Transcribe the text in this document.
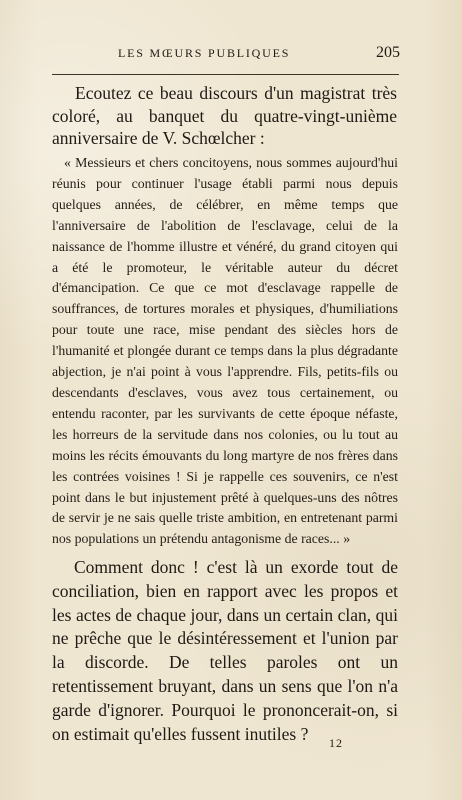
LES MŒURS PUBLIQUES	205

Ecoutez ce beau discours d'un magistrat très coloré, au banquet du quatre-vingt-unième anniversaire de V. Schœlcher :

« Messieurs et chers concitoyens, nous sommes aujourd'hui réunis pour continuer l'usage établi parmi nous depuis quelques années, de célébrer, en même temps que l'anniversaire de l'abolition de l'esclavage, celui de la naissance de l'homme illustre et vénéré, du grand citoyen qui a été le promoteur, le véritable auteur du décret d'émancipation. Ce que ce mot d'esclavage rappelle de souffrances, de tortures morales et physiques, d'humiliations pour toute une race, mise pendant des siècles hors de l'humanité et plongée durant ce temps dans la plus dégradante abjection, je n'ai point à vous l'apprendre. Fils, petits-fils ou descendants d'esclaves, vous avez tous certainement, ou entendu raconter, par les survivants de cette époque néfaste, les horreurs de la servitude dans nos colonies, ou lu tout au moins les récits émouvants du long martyre de nos frères dans les contrées voisines ! Si je rappelle ces souvenirs, ce n'est point dans le but injustement prêté à quelques-uns des nôtres de servir je ne sais quelle triste ambition, en entretenant parmi nos populations un prétendu antagonisme de races... »

Comment donc ! c'est là un exorde tout de conciliation, bien en rapport avec les propos et les actes de chaque jour, dans un certain clan, qui ne prêche que le désintéressement et l'union par la discorde. De telles paroles ont un retentissement bruyant, dans un sens que l'on n'a garde d'ignorer. Pourquoi le prononcerait-on, si on estimait qu'elles fussent inutiles ?	12
